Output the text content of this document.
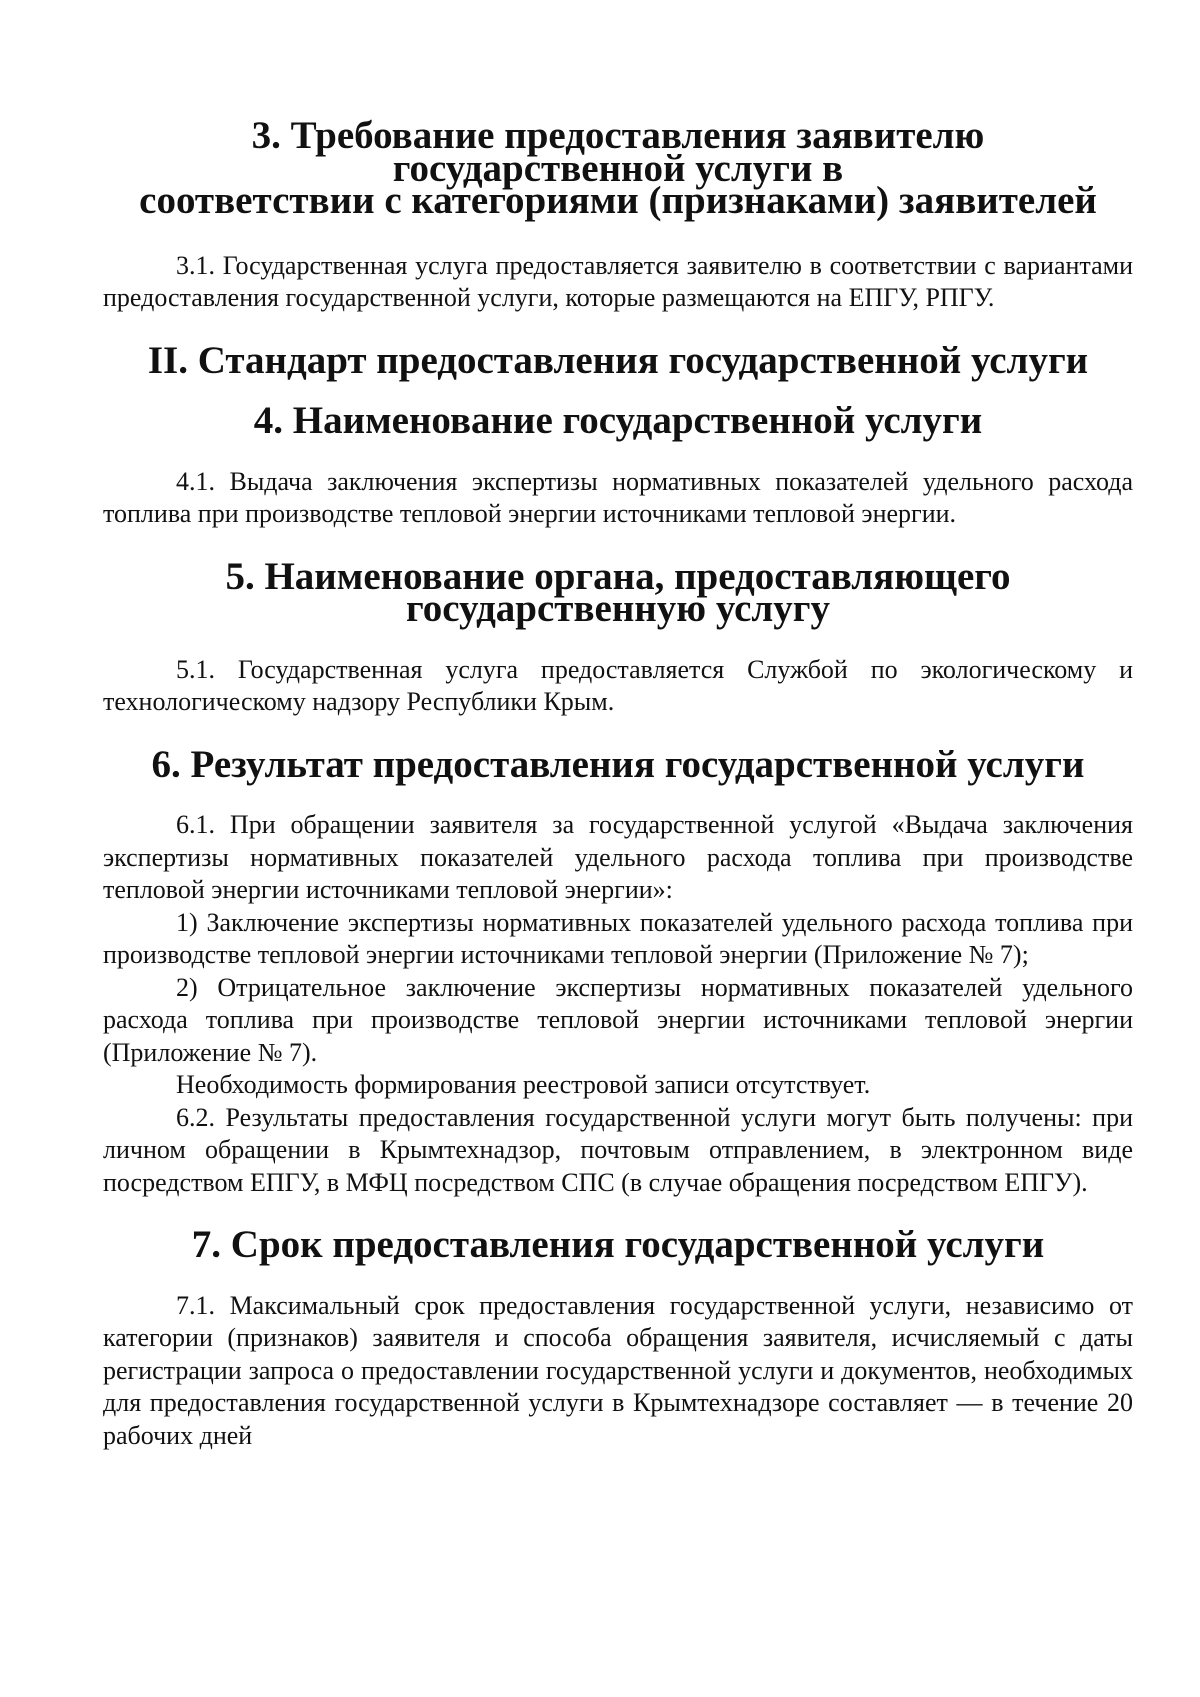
3. Требование предоставления заявителю государственной услуги в
соответствии с категориями (признаками) заявителей

3.1. Государственная услуга предоставляется заявителю в соответствии с вариантами предоставления государственной услуги, которые размещаются на ЕПГУ, РПГУ.

II. Стандарт предоставления государственной услуги
4. Наименование государственной услуги

4.1. Выдача заключения экспертизы нормативных показателей удельного расхода топлива при производстве тепловой энергии источниками тепловой энергии.

5. Наименование органа, предоставляющего государственную услугу

5.1. Государственная услуга предоставляется Службой по экологическому и технологическому надзору Республики Крым.

6. Результат предоставления государственной услуги

6.1. При обращении заявителя за государственной услугой «Выдача заключения экспертизы нормативных показателей удельного расхода топлива при производстве тепловой энергии источниками тепловой энергии»:

1) Заключение экспертизы нормативных показателей удельного расхода топлива при производстве тепловой энергии источниками тепловой энергии (Приложение № 7);

2) Отрицательное заключение экспертизы нормативных показателей удельного расхода топлива при производстве тепловой энергии источниками тепловой энергии (Приложение № 7).

Необходимость формирования реестровой записи отсутствует.

6.2. Результаты предоставления государственной услуги могут быть получены: при личном обращении в Крымтехнадзор, почтовым отправлением, в электронном виде посредством ЕПГУ, в МФЦ посредством СПС (в случае обращения посредством ЕПГУ).

7. Срок предоставления государственной услуги

7.1. Максимальный срок предоставления государственной услуги, независимо от категории (признаков) заявителя и способа обращения заявителя, исчисляемый с даты регистрации запроса о предоставлении государственной услуги и документов, необходимых для предоставления государственной услуги в Крымтехнадзоре составляет — в течение 20 рабочих дней
